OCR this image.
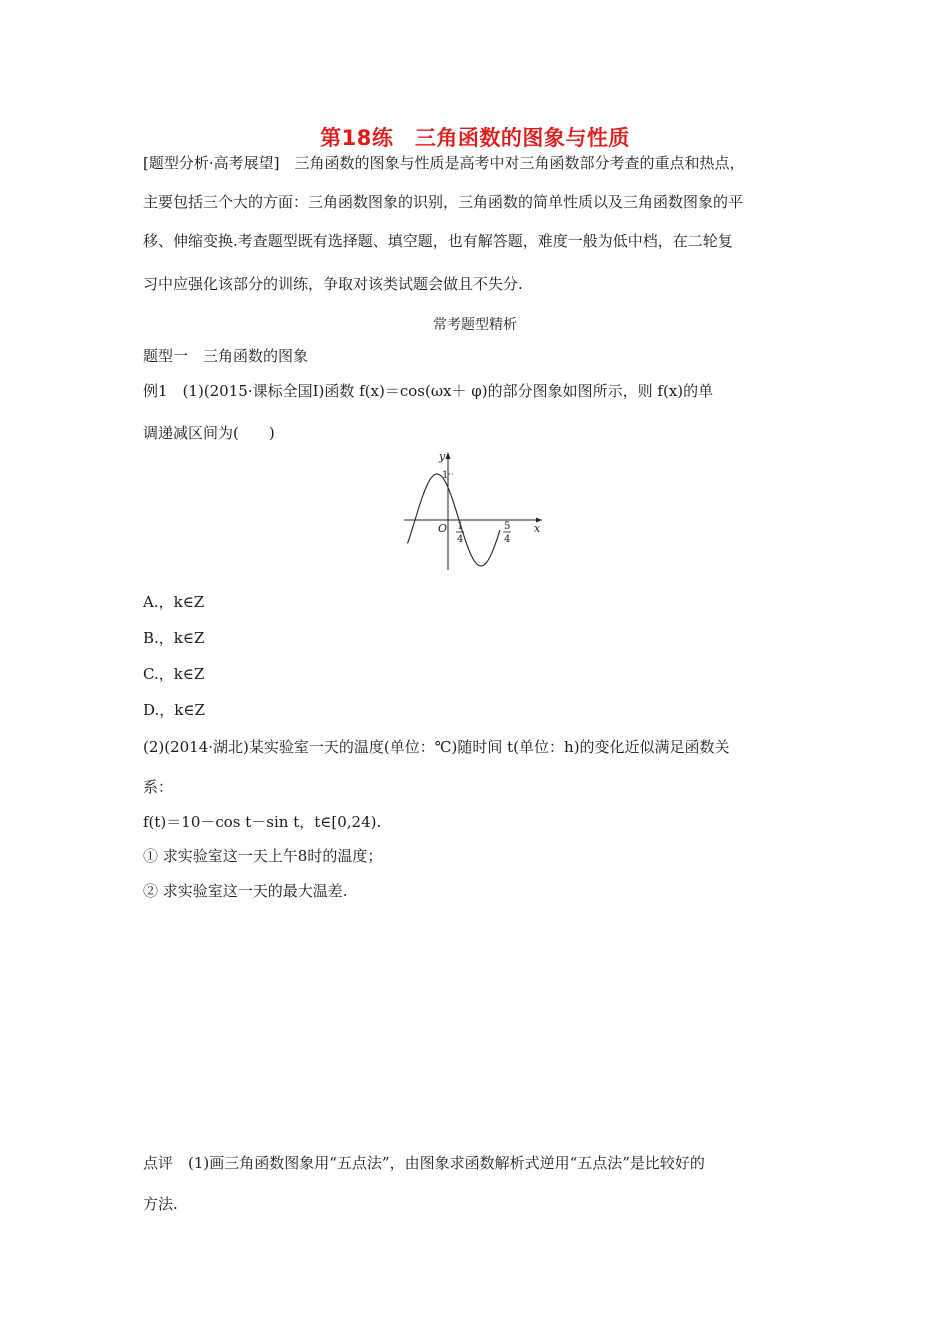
第18练　三角函数的图象与性质
[题型分析·高考展望]　三角函数的图象与性质是高考中对三角函数部分考查的重点和热点，
主要包括三个大的方面：三角函数图象的识别，三角函数的简单性质以及三角函数图象的平
移、伸缩变换.考查题型既有选择题、填空题，也有解答题，难度一般为低中档，在二轮复
习中应强化该部分的训练，争取对该类试题会做且不失分.
常考题型精析
题型一　三角函数的图象
例1　(1)(2015·课标全国Ⅰ)函数 f(x)＝cos(ωx＋ φ)的部分图象如图所示，则 f(x)的单
调递减区间为(　　)
y
x
O
1
1
4
5
4
A.，k∈Z
B.，k∈Z
C.，k∈Z
D.，k∈Z
(2)(2014·湖北)某实验室一天的温度(单位：℃)随时间 t(单位：h)的变化近似满足函数关
系：
f(t)＝10－cos t－sin t，t∈[0,24).
① 求实验室这一天上午8时的温度；
② 求实验室这一天的最大温差.
点评　(1)画三角函数图象用“五点法”，由图象求函数解析式逆用“五点法”是比较好的
方法.
